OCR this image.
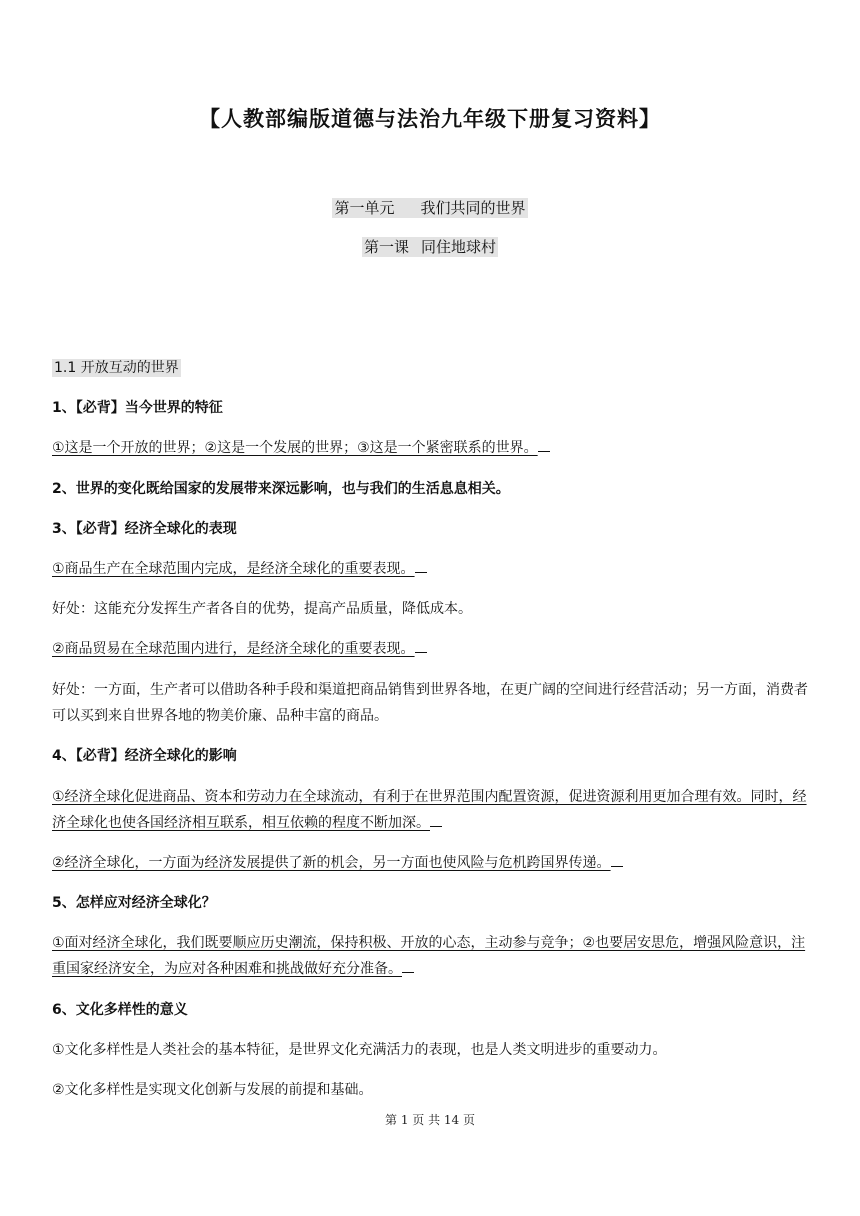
【人教部编版道德与法治九年级下册复习资料】
第一单元 我们共同的世界
第一课 同住地球村

1.1 开放互动的世界

1、【必背】当今世界的特征

①这是一个开放的世界；②这是一个发展的世界；③这是一个紧密联系的世界。

2、世界的变化既给国家的发展带来深远影响，也与我们的生活息息相关。

3、【必背】经济全球化的表现

①商品生产在全球范围内完成，是经济全球化的重要表现。

好处：这能充分发挥生产者各自的优势，提高产品质量，降低成本。

②商品贸易在全球范围内进行，是经济全球化的重要表现。

好处：一方面，生产者可以借助各种手段和渠道把商品销售到世界各地，在更广阔的空间进行经营活动；另一方面，消费者可以买到来自世界各地的物美价廉、品种丰富的商品。

4、【必背】经济全球化的影响

①经济全球化促进商品、资本和劳动力在全球流动，有利于在世界范围内配置资源，促进资源利用更加合理有效。同时，经济全球化也使各国经济相互联系，相互依赖的程度不断加深。

②经济全球化，一方面为经济发展提供了新的机会，另一方面也使风险与危机跨国界传递。

5、怎样应对经济全球化？

①面对经济全球化，我们既要顺应历史潮流，保持积极、开放的心态，主动参与竞争；②也要居安思危，增强风险意识，注重国家经济安全，为应对各种困难和挑战做好充分准备。

6、文化多样性的意义

①文化多样性是人类社会的基本特征，是世界文化充满活力的表现，也是人类文明进步的重要动力。

②文化多样性是实现文化创新与发展的前提和基础。

第 1 页 共 14 页
